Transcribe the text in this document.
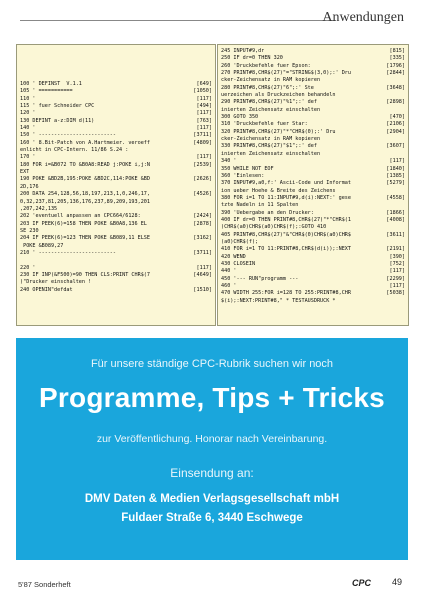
Anwendungen
100 ' DEFINST  V.1.1	[649]
105 ' ===========	[1050]
110 '	[117]
115 ' fuer Schneider CPC	[494]
120 '	[117]
130 DEFINT a-z:DIM d(11)	[763]
140 '	[117]
150 ' -------------------------	[3711]
160 ' 8.Bit-Patch von A.Hartmeier. veroeff	[4809]
enlicht in CPC-Intern. 11/86 S.24 :
170 '	[117]
180 FOR i=&B072 TO &B0A8:READ j:POKE i,j:N	[2539]
EXT
190 POKE &BD2B,195:POKE &BD2C,114:POKE &BD	[2626]
2D,176
200 DATA 254,128,56,18,197,213,1,0,246,17,	[4526]
0,32,237,81,205,136,176,237,89,209,193,201
,207,242,135
202 'eventuell anpassen an CPC664/6128:	[2424]
203 IF PEEK(6)=158 THEN POKE &B0A8,136 EL	[2878]
SE 230
204 IF PEEK(6)=123 THEN POKE &B089,11 ELSE	[3162]
POKE &B089,27
210 ' -------------------------	[3711]
220 '	[117]
230 IF INP(&F500)=90 THEN CLS:PRINT CHR$(7	[4649]
)"Drucker einschalten !
240 OPENIN"defdat	[1510]
245 INPUT#9,dr	[815]
250 IF dr=0 THEN 320	[335]
260 'Druckbefehle fuer Epson:	[1796]
270 PRINT#8,CHR$(27)"="STRING$(3,0);:' Dru	[2844]
cker-Zeichensatz in RAM kopieren
280 PRINT#8,CHR$(27)"6";:' Ste	[3648]
uerzeichen als Druckzeichen behandeln
290 PRINT#8,CHR$(27)"%1";:' def	[2898]
inierten Zeichensatz einschalten
300 GOTO 350	[470]
310 'Druckbefehle fuer Star:	[2106]
320 PRINT#8,CHR$(27)"*"CHR$(0);:' Dru	[2904]
cker-Zeichensatz in RAM kopieren
330 PRINT#8,CHR$(27)"$1";:' def	[3607]
inierten Zeichensatz einschalten
340 '	[117]
350 WHILE NOT EOF	[1840]
360 'Einlesen:	[1385]
370 INPUT#9,a0,f:' Ascii-Code und Informat	[5279]
ion ueber Hoehe & Breite des Zeichens
380 FOR i=1 TO 11:INPUT#9,d(i):NEXT:' gese	[4558]
tzte Nadeln in 11 Spalten
390 'Uebergabe an den Drucker:	[1866]
400 IF dr=0 THEN PRINT#8,CHR$(27)"*"CHR$(1	[4008]
)CHR$(a0)CHR$(a0)CHR$(f);:GOTO 410
405 PRINT#8,CHR$(27)"&"CHR$(0)CHR$(a0)CHR$	[3611]
(a0)CHR$(f);
410 FOR i=1 TO 11:PRINT#8,CHR$(d(i));:NEXT	[2191]
420 WEND	[390]
430 CLOSEIN	[752]
440 '	[117]
450 '--- RUN"programm ---	[2299]
460 '	[117]
470 WIDTH 255:FOR i=128 TO 255:PRINT#8,CHR	[5038]
$(i);:NEXT:PRINT#8," * TESTAUSDRUCK *
Für unsere ständige CPC-Rubrik suchen wir noch
Programme, Tips + Tricks
zur Veröffentlichung. Honorar nach Vereinbarung.
Einsendung an:
DMV Daten & Medien Verlagsgesellschaft mbH
Fuldaer Straße 6, 3440 Eschwege
5'87 Sonderheft	CPC 49
